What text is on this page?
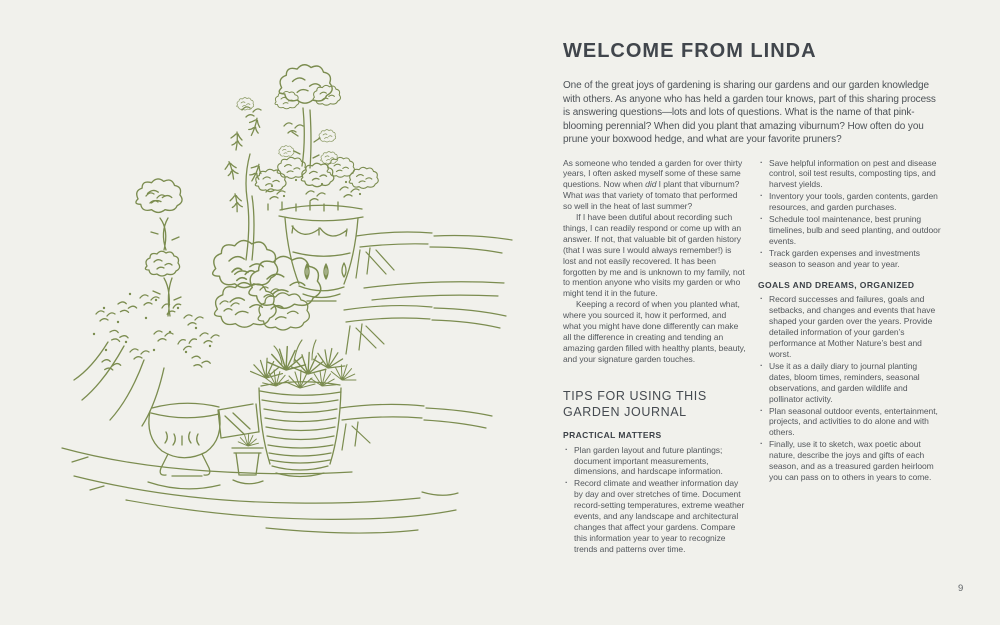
WELCOME FROM LINDA

One of the great joys of gardening is sharing our gardens and our garden knowledge with others. As anyone who has held a garden tour knows, part of this sharing process is answering questions—lots and lots of questions. What is the name of that pink-blooming perennial? When did you plant that amazing viburnum? How often do you prune your boxwood hedge, and what are your favorite pruners?

As someone who tended a garden for over thirty years, I often asked myself some of these same questions. Now when did I plant that viburnum? What was that variety of tomato that performed so well in the heat of last summer?

If I have been dutiful about recording such things, I can readily respond or come up with an answer. If not, that valuable bit of garden history (that I was sure I would always remember!) is lost and not easily recovered. It has been forgotten by me and is unknown to my family, not to mention anyone who visits my garden or who might tend it in the future.

Keeping a record of when you planted what, where you sourced it, how it performed, and what you might have done differently can make all the difference in creating and tending an amazing garden filled with healthy plants, beauty, and your signature garden touches.

TIPS FOR USING THIS
GARDEN JOURNAL
PRACTICAL MATTERS
· Plan garden layout and future plantings; document important measurements, dimensions, and hardscape information.
· Record climate and weather information day by day and over stretches of time. Document record-setting temperatures, extreme weather events, and any landscape and architectural changes that affect your gardens. Compare this information year to year to recognize trends and patterns over time.
· Save helpful information on pest and disease control, soil test results, composting tips, and harvest yields.
· Inventory your tools, garden contents, garden resources, and garden purchases.
· Schedule tool maintenance, best pruning timelines, bulb and seed planting, and outdoor events.
· Track garden expenses and investments season to season and year to year.
GOALS AND DREAMS, ORGANIZED
· Record successes and failures, goals and setbacks, and changes and events that have shaped your garden over the years. Provide detailed information of your garden’s performance at Mother Nature’s best and worst.
· Use it as a daily diary to journal planting dates, bloom times, reminders, seasonal observations, and garden wildlife and pollinator activity.
· Plan seasonal outdoor events, entertainment, projects, and activities to do alone and with others.
· Finally, use it to sketch, wax poetic about nature, describe the joys and gifts of each season, and as a treasured garden heirloom you can pass on to others in years to come.
9
